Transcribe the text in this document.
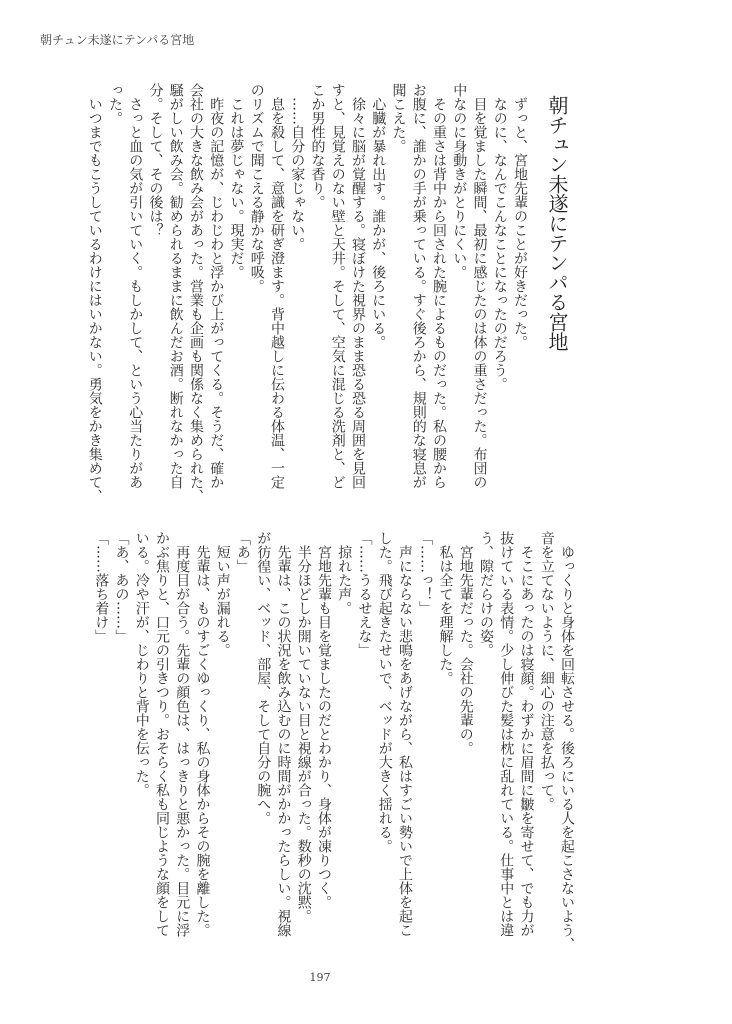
朝チュン未遂にテンパる宮地
朝チュン未遂にテンパる宮地
　ずっと、宮地先輩のことが好きだった。
　なのに、なんでこんなことになったのだろう。
　目を覚ました瞬間、最初に感じたのは体の重さだった。布団の
中なのに身動きがとりにくい。
　その重さは背中から回された腕によるものだった。私の腰から
お腹に、誰かの手が乗っている。すぐ後ろから、規則的な寝息が
聞こえた。
　心臓が暴れ出す。誰かが、後ろにいる。
　徐々に脳が覚醒する。寝ぼけた視界のまま恐る恐る周囲を見回
すと、見覚えのない壁と天井。そして、空気に混じる洗剤と、ど
こか男性的な香り。
　……自分の家じゃない。
　息を殺して、意識を研ぎ澄ます。背中越しに伝わる体温、一定
のリズムで聞こえる静かな呼吸。
　これは夢じゃない。現実だ。
　昨夜の記憶が、じわじわと浮かび上がってくる。そうだ、確か
会社の大きな飲み会があった。営業も企画も関係なく集められた、
騒がしい飲み会。勧められるままに飲んだお酒。断れなかった自
分。そして、その後は？
　さっと血の気が引いていく。もしかして、という心当たりがあ
った。
　いつまでもこうしているわけにはいかない。勇気をかき集めて、
　ゆっくりと身体を回転させる。後ろにいる人を起こさないよう、
音を立てないように、細心の注意を払って。
　そこにあったのは寝顔。わずかに眉間に皺を寄せて、でも力が
抜けている表情。少し伸びた髪は枕に乱れている。仕事中とは違
う、隙だらけの姿。
　宮地先輩だった。会社の先輩の。
　私は全てを理解した。
「……っ！」
　声にならない悲鳴をあげながら、私はすごい勢いで上体を起こ
した。飛び起きたせいで、ベッドが大きく揺れる。
「……うるせえな」
　掠れた声。
　宮地先輩も目を覚ましたのだとわかり、身体が凍りつく。
　半分ほどしか開いていない目と視線が合った。数秒の沈黙。
　先輩は、この状況を飲み込むのに時間がかかったらしい。視線
が彷徨い、ベッド、部屋、そして自分の腕へ。
「あ」
　短い声が漏れる。
　先輩は、ものすごくゆっくり、私の身体からその腕を離した。
　再度目が合う。先輩の顔色は、はっきりと悪かった。目元に浮
かぶ焦りと、口元の引きつり。おそらく私も同じような顔をして
いる。冷や汗が、じわりと背中を伝った。
「あ、あの……」
「……落ち着け」
197
